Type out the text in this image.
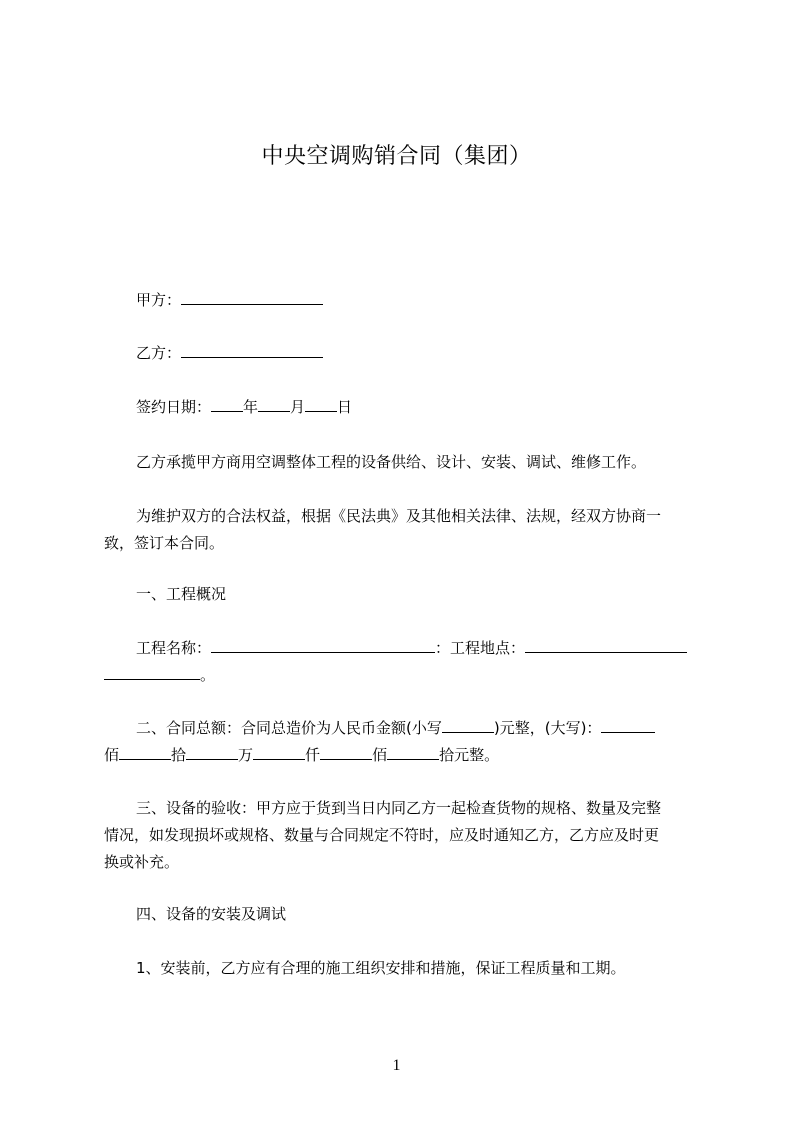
中央空调购销合同（集团）
甲方：
乙方：
签约日期： 年 月 日
乙方承揽甲方商用空调整体工程的设备供给、设计、安装、调试、维修工作。
为维护双方的合法权益，根据《民法典》及其他相关法律、法规，经双方协商一
致，签订本合同。
一、工程概况
工程名称：	：工程地点：
。
二、合同总额：合同总造价为人民币金额(小写	)元整，(大写)：
佰	拾	万	仟	佰	拾元整。
三、设备的验收：甲方应于货到当日内同乙方一起检查货物的规格、数量及完整
情况，如发现损坏或规格、数量与合同规定不符时，应及时通知乙方，乙方应及时更
换或补充。
四、设备的安装及调试
1、安装前，乙方应有合理的施工组织安排和措施，保证工程质量和工期。
1
